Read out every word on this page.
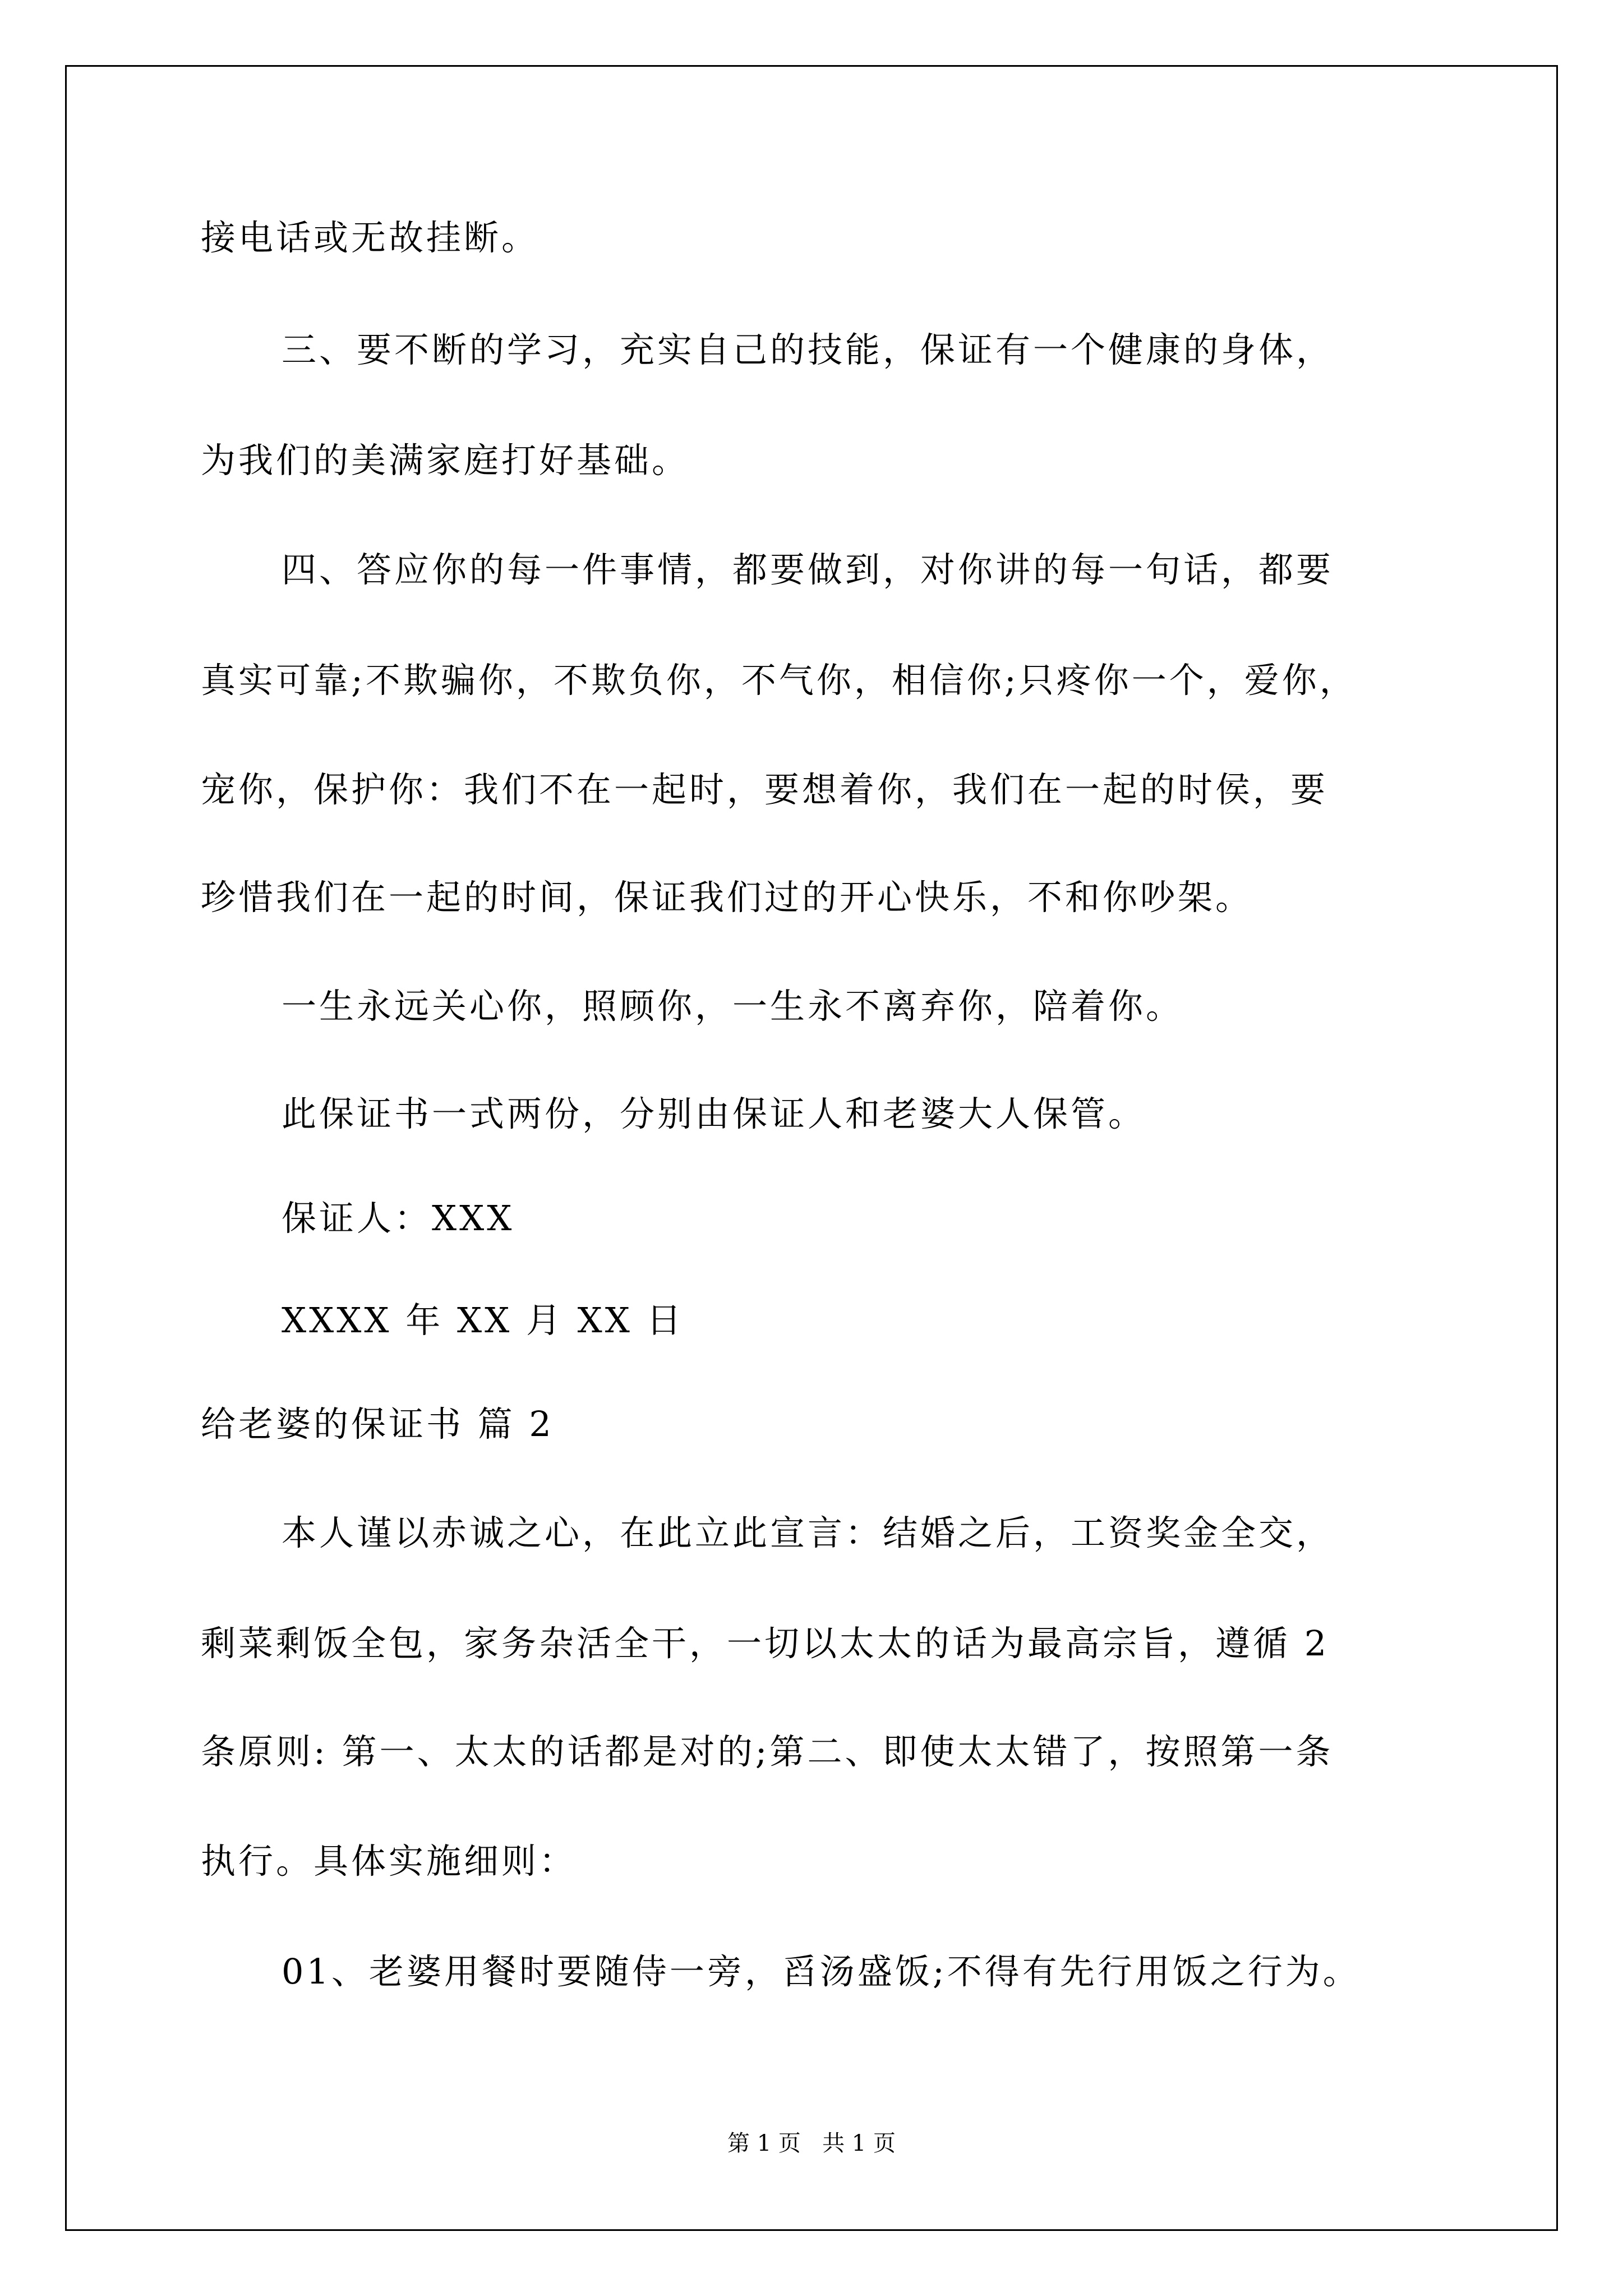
接电话或无故挂断。
三、要不断的学习，充实自己的技能，保证有一个健康的身体，
为我们的美满家庭打好基础。
四、答应你的每一件事情，都要做到，对你讲的每一句话，都要
真实可靠;不欺骗你，不欺负你，不气你，相信你;只疼你一个，爱你，
宠你，保护你：我们不在一起时，要想着你，我们在一起的时侯，要
珍惜我们在一起的时间，保证我们过的开心快乐，不和你吵架。
一生永远关心你，照顾你，一生永不离弃你，陪着你。
此保证书一式两份，分别由保证人和老婆大人保管。
保证人：XXX
XXXX 年 XX 月 XX 日
给老婆的保证书 篇 2
本人谨以赤诚之心，在此立此宣言：结婚之后，工资奖金全交，
剩菜剩饭全包，家务杂活全干，一切以太太的话为最高宗旨，遵循 2
条原则: 第一、太太的话都是对的;第二、即使太太错了，按照第一条
执行。具体实施细则：
01、老婆用餐时要随侍一旁，舀汤盛饭;不得有先行用饭之行为。
第 1 页   共 1 页
